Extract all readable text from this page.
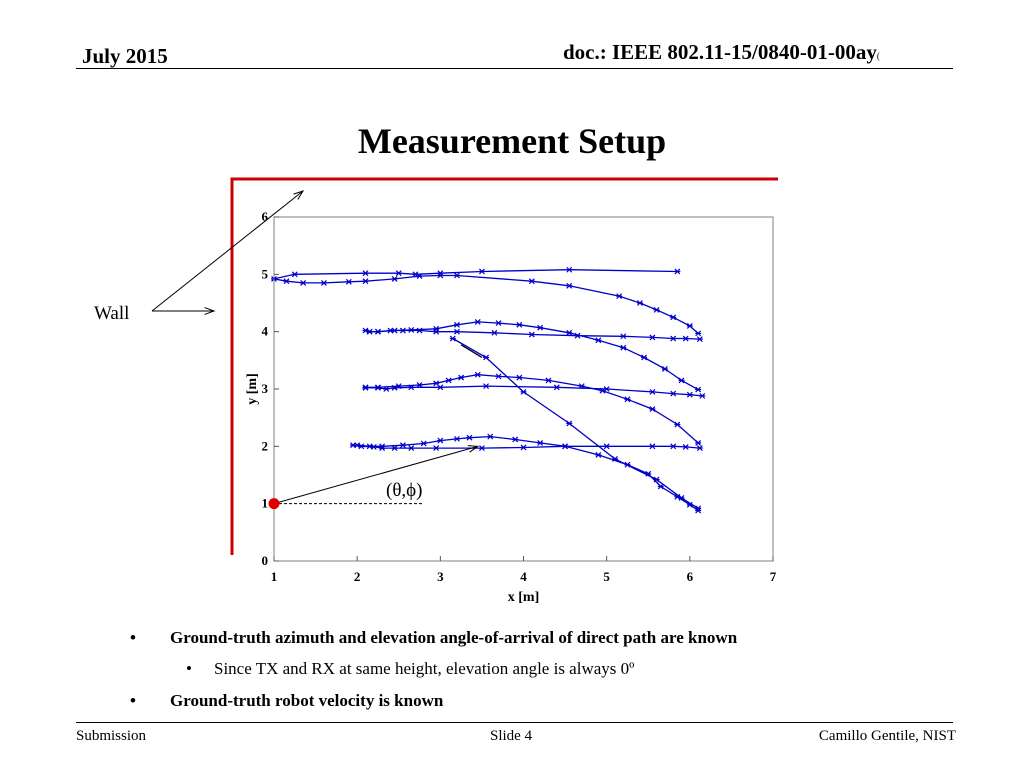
July 2015	doc.: IEEE 802.11-15/0840-01-00ay(
Measurement Setup
1	2	3	4	5	6	7
0
1
2
3
4
5
6
x [m]
y [m]
Wall
(θ,ϕ)
• Ground-truth azimuth and elevation angle-of-arrival of direct path are known
• Since TX and RX at same height, elevation angle is always 0º
• Ground-truth robot velocity is known
Submission	Slide 4	Camillo Gentile, NIST
